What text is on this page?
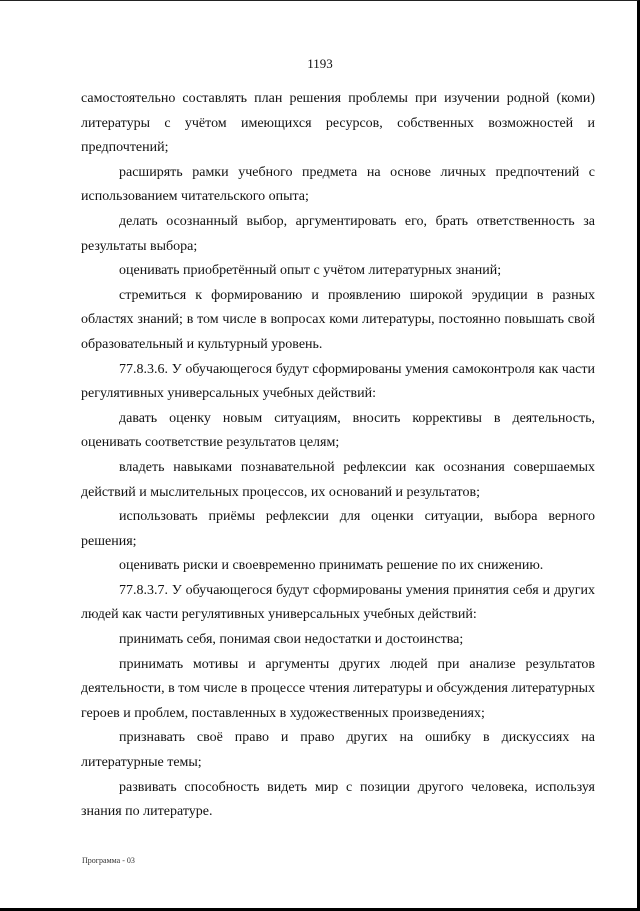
1193

самостоятельно составлять план решения проблемы при изучении родной (коми) литературы с учётом имеющихся ресурсов, собственных возможностей и предпочтений;

расширять рамки учебного предмета на основе личных предпочтений с использованием читательского опыта;

делать осознанный выбор, аргументировать его, брать ответственность за результаты выбора;

оценивать приобретённый опыт с учётом литературных знаний;

стремиться к формированию и проявлению широкой эрудиции в разных областях знаний; в том числе в вопросах коми литературы, постоянно повышать свой образовательный и культурный уровень.

77.8.3.6. У обучающегося будут сформированы умения самоконтроля как части регулятивных универсальных учебных действий:

давать оценку новым ситуациям, вносить коррективы в деятельность, оценивать соответствие результатов целям;

владеть навыками познавательной рефлексии как осознания совершаемых действий и мыслительных процессов, их оснований и результатов;

использовать приёмы рефлексии для оценки ситуации, выбора верного решения;

оценивать риски и своевременно принимать решение по их снижению.

77.8.3.7. У обучающегося будут сформированы умения принятия себя и других людей как части регулятивных универсальных учебных действий:

принимать себя, понимая свои недостатки и достоинства;

принимать мотивы и аргументы других людей при анализе результатов деятельности, в том числе в процессе чтения литературы и обсуждения литературных героев и проблем, поставленных в художественных произведениях;

признавать своё право и право других на ошибку в дискуссиях на литературные темы;

развивать способность видеть мир с позиции другого человека, используя знания по литературе.

Программа - 03
